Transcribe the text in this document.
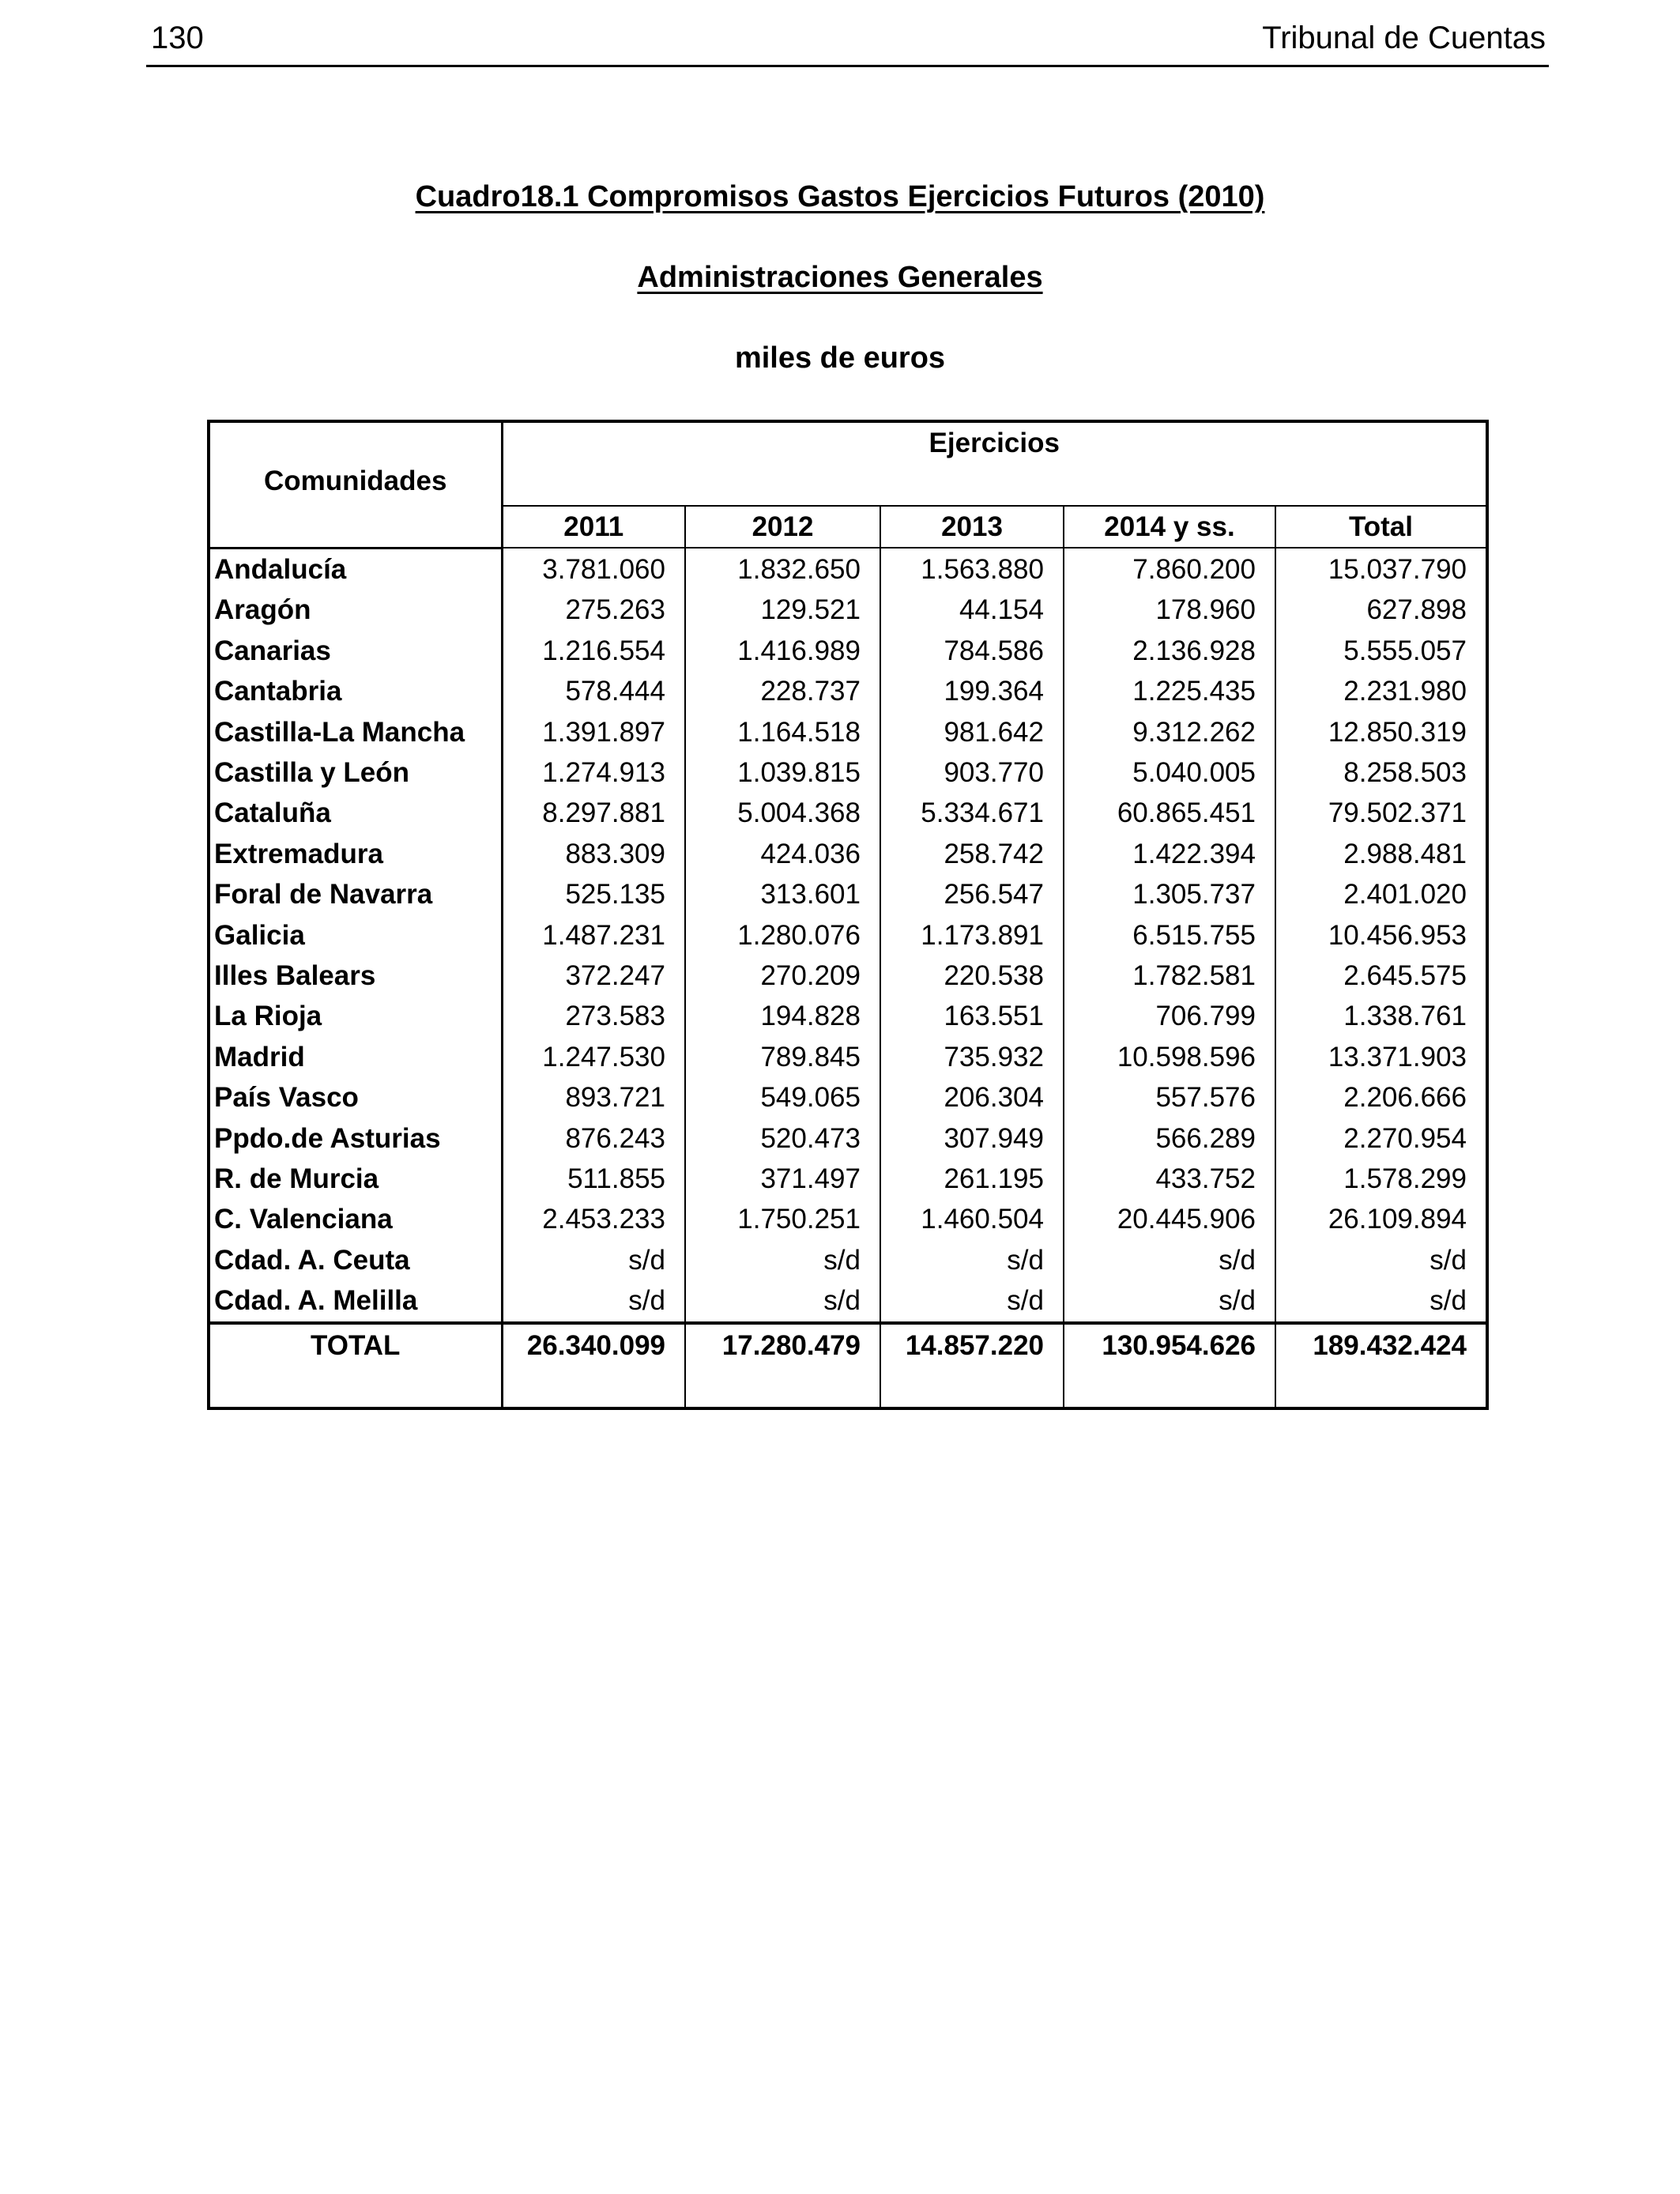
130	Tribunal de Cuentas
Cuadro18.1 Compromisos Gastos Ejercicios Futuros (2010)
Administraciones Generales
miles de euros
Comunidades	Ejercicios				
	2011	2012	2013	2014 y ss.	Total
Andalucía	3.781.060	1.832.650	1.563.880	7.860.200	15.037.790
Aragón	275.263	129.521	44.154	178.960	627.898
Canarias	1.216.554	1.416.989	784.586	2.136.928	5.555.057
Cantabria	578.444	228.737	199.364	1.225.435	2.231.980
Castilla-La Mancha	1.391.897	1.164.518	981.642	9.312.262	12.850.319
Castilla y León	1.274.913	1.039.815	903.770	5.040.005	8.258.503
Cataluña	8.297.881	5.004.368	5.334.671	60.865.451	79.502.371
Extremadura	883.309	424.036	258.742	1.422.394	2.988.481
Foral de Navarra	525.135	313.601	256.547	1.305.737	2.401.020
Galicia	1.487.231	1.280.076	1.173.891	6.515.755	10.456.953
Illes Balears	372.247	270.209	220.538	1.782.581	2.645.575
La Rioja	273.583	194.828	163.551	706.799	1.338.761
Madrid	1.247.530	789.845	735.932	10.598.596	13.371.903
País Vasco	893.721	549.065	206.304	557.576	2.206.666
Ppdo.de Asturias	876.243	520.473	307.949	566.289	2.270.954
R. de Murcia	511.855	371.497	261.195	433.752	1.578.299
C. Valenciana	2.453.233	1.750.251	1.460.504	20.445.906	26.109.894
Cdad. A. Ceuta	s/d	s/d	s/d	s/d	s/d
Cdad. A. Melilla	s/d	s/d	s/d	s/d	s/d
TOTAL	26.340.099	17.280.479	14.857.220	130.954.626	189.432.424
